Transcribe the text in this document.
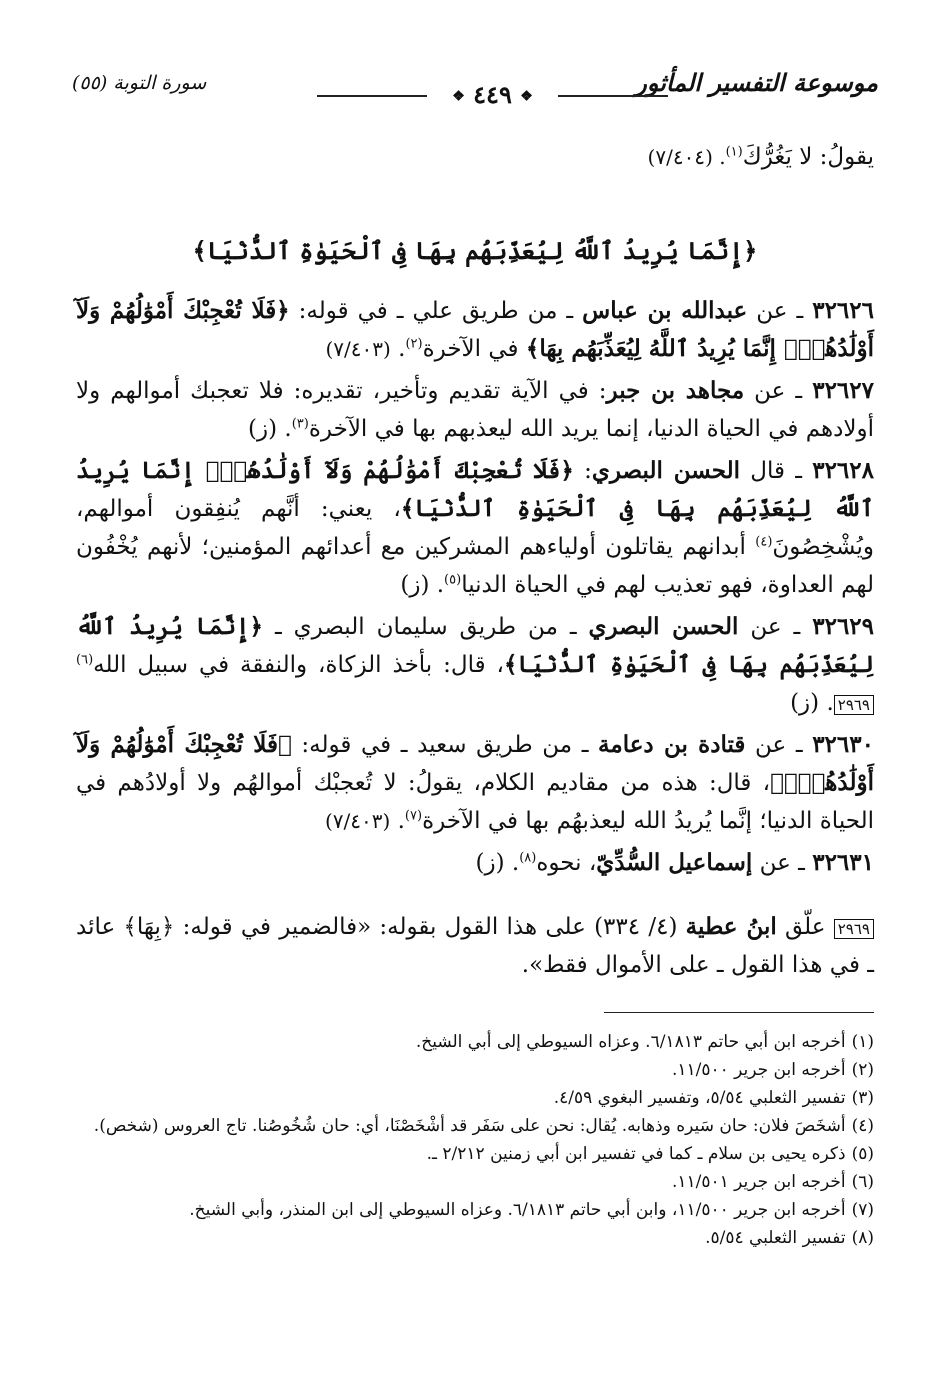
موسوعة التفسير المأثور
❖ ٤٤٩ ❖
سورة التوبة (٥٥)

يقولُ: لا يَغُرُّكَ$^{(١)}$. (٧/٤٠٤)

﴿إِنَّمَا يُرِيدُ ٱللَّهُ لِيُعَذِّبَهُم بِهَا فِى ٱلْحَيَوٰةِ ٱلدُّنْيَا﴾

٣٢٦٢٦ ـ عن عبدالله بن عباس ـ من طريق علي ـ في قوله: ﴿فَلَا تُعْجِبْكَ أَمْوَٰلُهُمْ وَلَآ أَوْلَٰدُهُمْۚ إِنَّمَا يُرِيدُ ٱللَّهُ لِيُعَذِّبَهُم بِهَا﴾ في الآخرة$^{(٢)}$. (٧/٤٠٣)

٣٢٦٢٧ ـ عن مجاهد بن جبر: في الآية تقديم وتأخير، تقديره: فلا تعجبك أموالهم ولا أولادهم في الحياة الدنيا، إنما يريد الله ليعذبهم بها في الآخرة$^{(٣)}$. (ز)

٣٢٦٢٨ ـ قال الحسن البصري: ﴿فَلَا تُعْجِبْكَ أَمْوَٰلُهُمْ وَلَآ أَوْلَٰدُهُمْۚ إِنَّمَا يُرِيدُ ٱللَّهُ لِيُعَذِّبَهُم بِهَا فِى ٱلْحَيَوٰةِ ٱلدُّنْيَا﴾، يعني: أنَّهم يُنفِقون أموالهم، ويُشْخِصُونَ$^{(٤)}$ أبدانهم يقاتلون أولياءهم المشركين مع أعدائهم المؤمنين؛ لأنهم يُخْفُون لهم العداوة، فهو تعذيب لهم في الحياة الدنيا$^{(٥)}$. (ز)

٣٢٦٢٩ ـ عن الحسن البصري ـ من طريق سليمان البصري ـ ﴿إِنَّمَا يُرِيدُ ٱللَّهُ لِيُعَذِّبَهُم بِهَا فِى ٱلْحَيَوٰةِ ٱلدُّنْيَا﴾، قال: بأخذ الزكاة، والنفقة في سبيل الله$^{(٦)}$٢٩٦٩. (ز)

٣٢٦٣٠ ـ عن قتادة بن دعامة ـ من طريق سعيد ـ في قوله: ﴿فَلَا تُعْجِبْكَ أَمْوَٰلُهُمْ وَلَآ أَوْلَٰدُهُمْۚ﴾، قال: هذه من مقاديم الكلام، يقولُ: لا تُعجبْك أموالهُم ولا أولادُهم في الحياة الدنيا؛ إنَّما يُريدُ الله ليعذبهُم بها في الآخرة$^{(٧)}$. (٧/٤٠٣)

٣٢٦٣١ ـ عن إسماعيل السُّدِّيّ، نحوه$^{(٨)}$. (ز)

٢٩٦٩ علّق ابنُ عطية (٤/ ٣٣٤) على هذا القول بقوله: «فالضمير في قوله: ﴿بِهَا﴾ عائد ـ في هذا القول ـ على الأموال فقط».

(١)أخرجه ابن أبي حاتم ٦/١٨١٣. وعزاه السيوطي إلى أبي الشيخ.

(٢)أخرجه ابن جرير ١١/٥٠٠.

(٣)تفسير الثعلبي ٥/٥٤، وتفسير البغوي ٤/٥٩.

(٤)أشخَصَ فلان: حان سَيره وذهابه. يُقال: نحن على سَفَر قد أشْخَصْنَا، أي: حان شُخُوصُنا. تاج العروس (شخص).

(٥)ذكره يحيى بن سلام ـ كما في تفسير ابن أبي زمنين ٢/٢١٢ ـ.

(٦)أخرجه ابن جرير ١١/٥٠١.

(٧)أخرجه ابن جرير ١١/٥٠٠، وابن أبي حاتم ٦/١٨١٣. وعزاه السيوطي إلى ابن المنذر، وأبي الشيخ.

(٨)تفسير الثعلبي ٥/٥٤.
